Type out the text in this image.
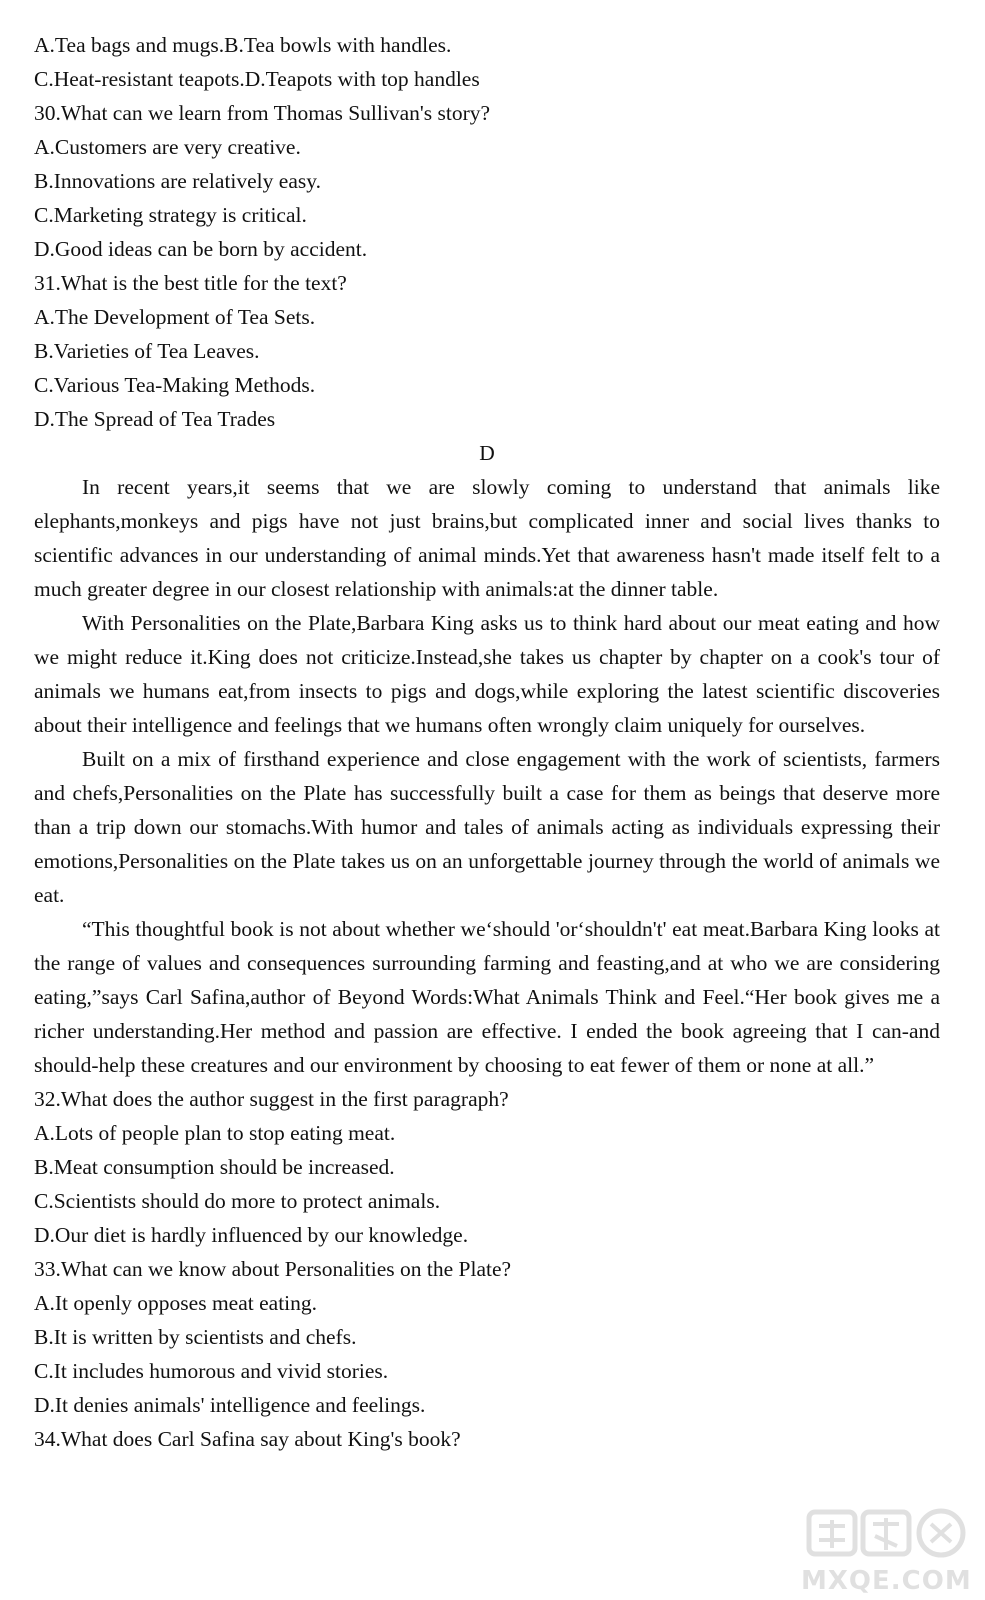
A.Tea bags and mugs.B.Tea bowls with handles.
C.Heat-resistant teapots.D.Teapots with top handles
30.What can we learn from Thomas Sullivan's story?
A.Customers are very creative.
B.Innovations are relatively easy.
C.Marketing strategy is critical.
D.Good ideas can be born by accident.
31.What is the best title for the text?
A.The Development of Tea Sets.
B.Varieties of Tea Leaves.
C.Various Tea-Making Methods.
D.The Spread of Tea Trades
D

In recent years,it seems that we are slowly coming to understand that animals like elephants,monkeys and pigs have not just brains,but complicated inner and social lives thanks to scientific advances in our understanding of animal minds.Yet that awareness hasn't made itself felt to a much greater degree in our closest relationship with animals:at the dinner table.

With Personalities on the Plate,Barbara King asks us to think hard about our meat eating and how we might reduce it.King does not criticize.Instead,she takes us chapter by chapter on a cook's tour of animals we humans eat,from insects to pigs and dogs,while exploring the latest scientific discoveries about their intelligence and feelings that we humans often wrongly claim uniquely for ourselves.

Built on a mix of firsthand experience and close engagement with the work of scientists, farmers and chefs,Personalities on the Plate has successfully built a case for them as beings that deserve more than a trip down our stomachs.With humor and tales of animals acting as individuals expressing their emotions,Personalities on the Plate takes us on an unforgettable journey through the world of animals we eat.

“This thoughtful book is not about whether we‘should 'or‘shouldn't' eat meat.Barbara King looks at the range of values and consequences surrounding farming and feasting,and at who we are considering eating,”says Carl Safina,author of Beyond Words:What Animals Think and Feel.“Her book gives me a richer understanding.Her method and passion are effective. I ended the book agreeing that I can-and should-help these creatures and our environment by choosing to eat fewer of them or none at all.”

32.What does the author suggest in the first paragraph?
A.Lots of people plan to stop eating meat.
B.Meat consumption should be increased.
C.Scientists should do more to protect animals.
D.Our diet is hardly influenced by our knowledge.
33.What can we know about Personalities on the Plate?
A.It openly opposes meat eating.
B.It is written by scientists and chefs.
C.It includes humorous and vivid stories.
D.It denies animals' intelligence and feelings.
34.What does Carl Safina say about King's book?
MXQE.COM
